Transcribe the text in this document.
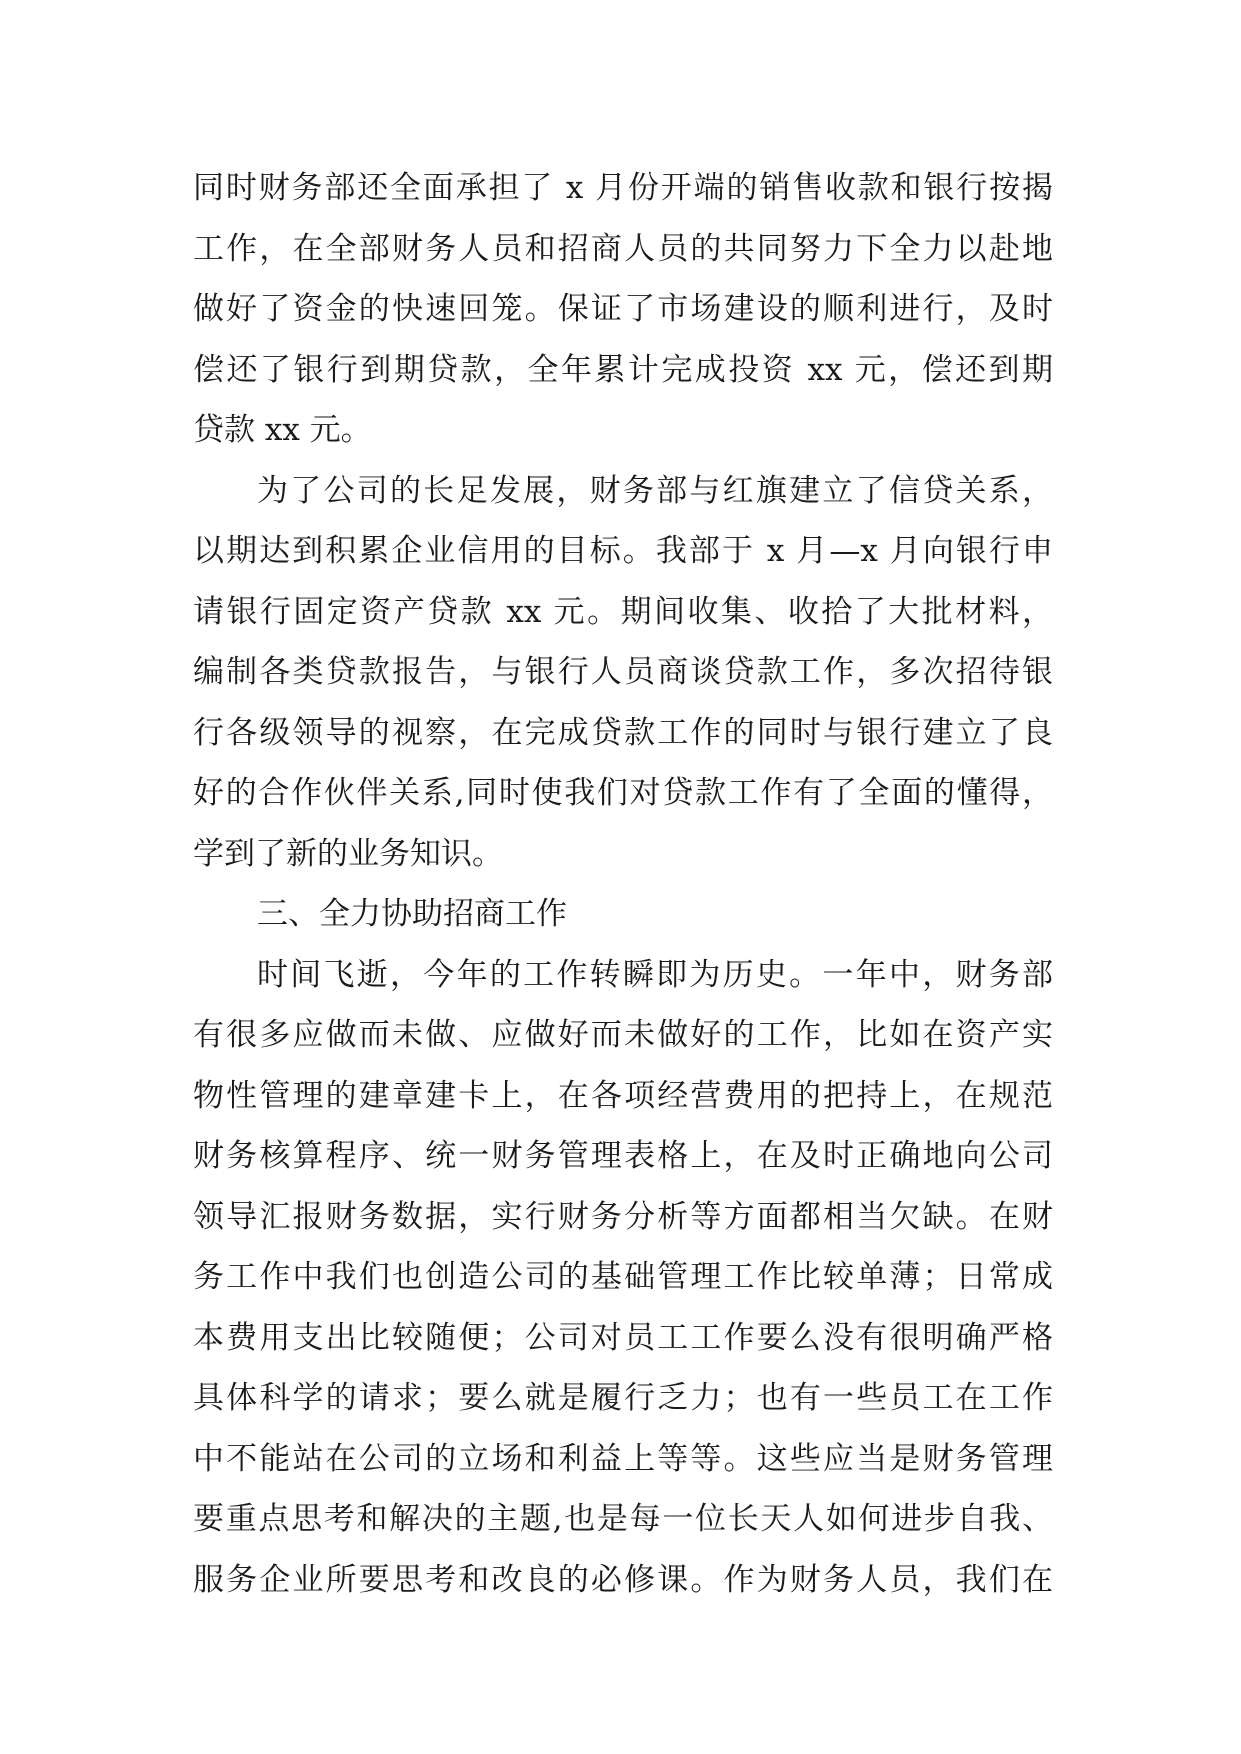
同时财务部还全面承担了 x 月份开端的销售收款和银行按揭
工作，在全部财务人员和招商人员的共同努力下全力以赴地
做好了资金的快速回笼。保证了市场建设的顺利进行，及时
偿还了银行到期贷款，全年累计完成投资 xx 元，偿还到期
贷款 xx 元。
为了公司的长足发展，财务部与红旗建立了信贷关系，
以期达到积累企业信用的目标。我部于 x 月—x 月向银行申
请银行固定资产贷款 xx 元。期间收集、收拾了大批材料，
编制各类贷款报告，与银行人员商谈贷款工作，多次招待银
行各级领导的视察，在完成贷款工作的同时与银行建立了良
好的合作伙伴关系,同时使我们对贷款工作有了全面的懂得，
学到了新的业务知识。
三、全力协助招商工作
时间飞逝，今年的工作转瞬即为历史。一年中，财务部
有很多应做而未做、应做好而未做好的工作，比如在资产实
物性管理的建章建卡上，在各项经营费用的把持上，在规范
财务核算程序、统一财务管理表格上，在及时正确地向公司
领导汇报财务数据，实行财务分析等方面都相当欠缺。在财
务工作中我们也创造公司的基础管理工作比较单薄；日常成
本费用支出比较随便；公司对员工工作要么没有很明确严格
具体科学的请求；要么就是履行乏力；也有一些员工在工作
中不能站在公司的立场和利益上等等。这些应当是财务管理
要重点思考和解决的主题,也是每一位长天人如何进步自我、
服务企业所要思考和改良的必修课。作为财务人员，我们在
